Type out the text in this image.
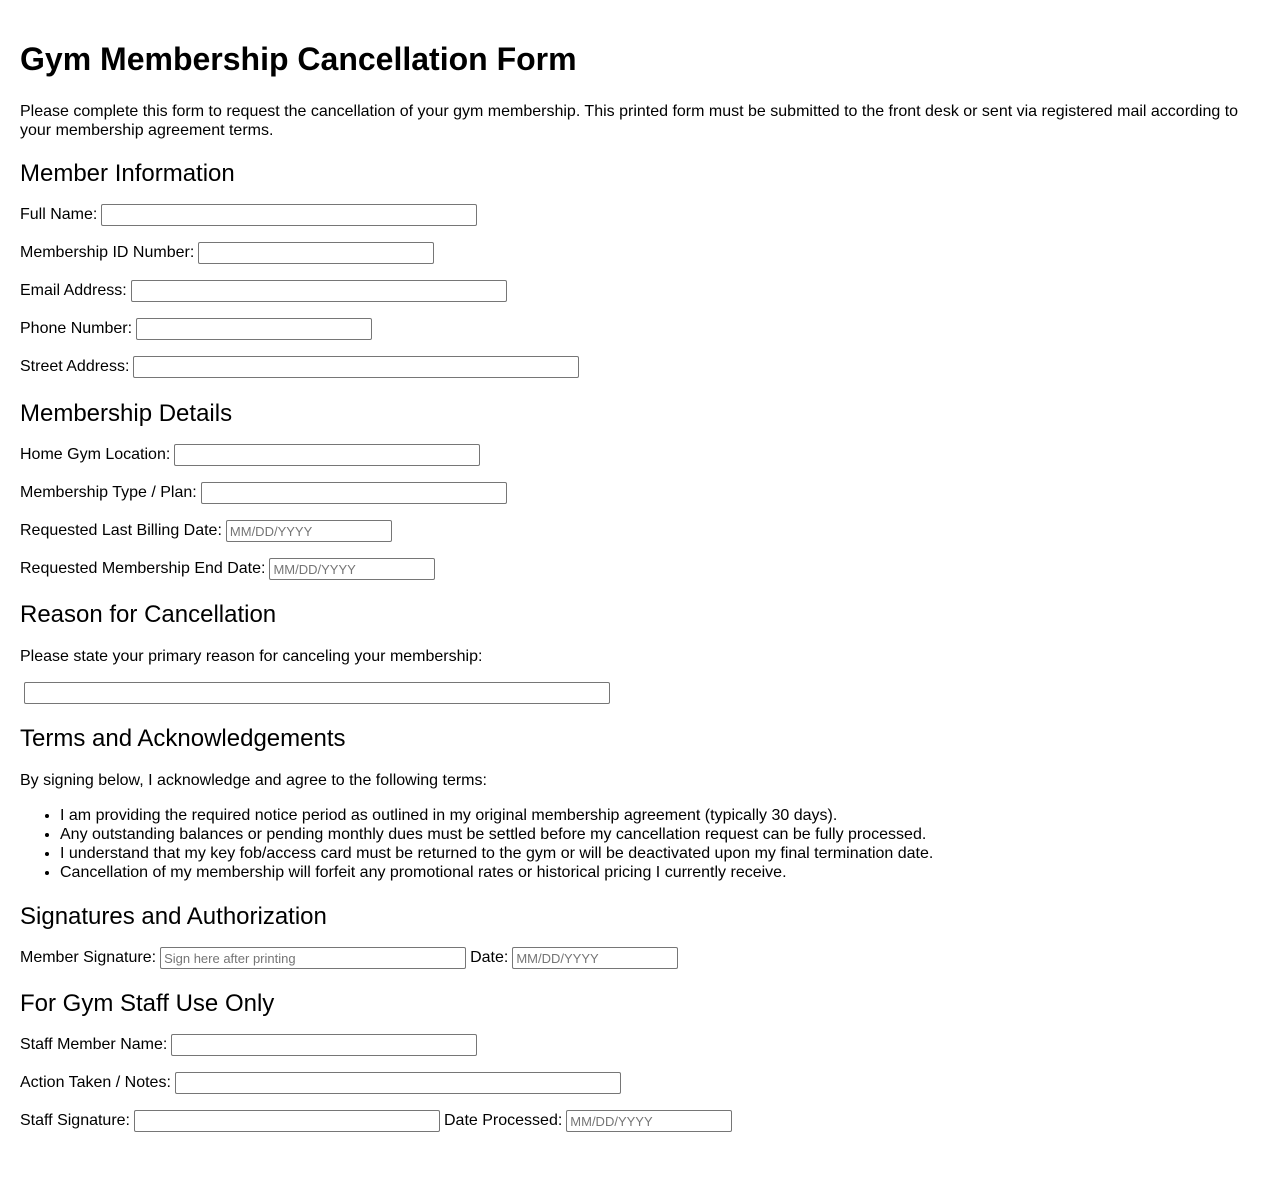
Gym Membership Cancellation Form

Please complete this form to request the cancellation of your gym membership. This printed form must be submitted to the front desk or sent via registered mail according to your membership agreement terms.

Member Information
Full Name:
Membership ID Number:
Email Address:
Phone Number:
Street Address:
Membership Details
Home Gym Location:
Membership Type / Plan:
Requested Last Billing Date:
MM/DD/YYYY
Requested Membership End Date:
MM/DD/YYYY
Reason for Cancellation

Please state your primary reason for canceling your membership:

Terms and Acknowledgements

By signing below, I acknowledge and agree to the following terms:

• I am providing the required notice period as outlined in my original membership agreement (typically 30 days).
• Any outstanding balances or pending monthly dues must be settled before my cancellation request can be fully processed.
• I understand that my key fob/access card must be returned to the gym or will be deactivated upon my final termination date.
• Cancellation of my membership will forfeit any promotional rates or historical pricing I currently receive.
Signatures and Authorization
Member Signature:
Sign here after printing	Date:
MM/DD/YYYY
For Gym Staff Use Only
Staff Member Name:
Action Taken / Notes:
Staff Signature:	Date Processed:
MM/DD/YYYY
